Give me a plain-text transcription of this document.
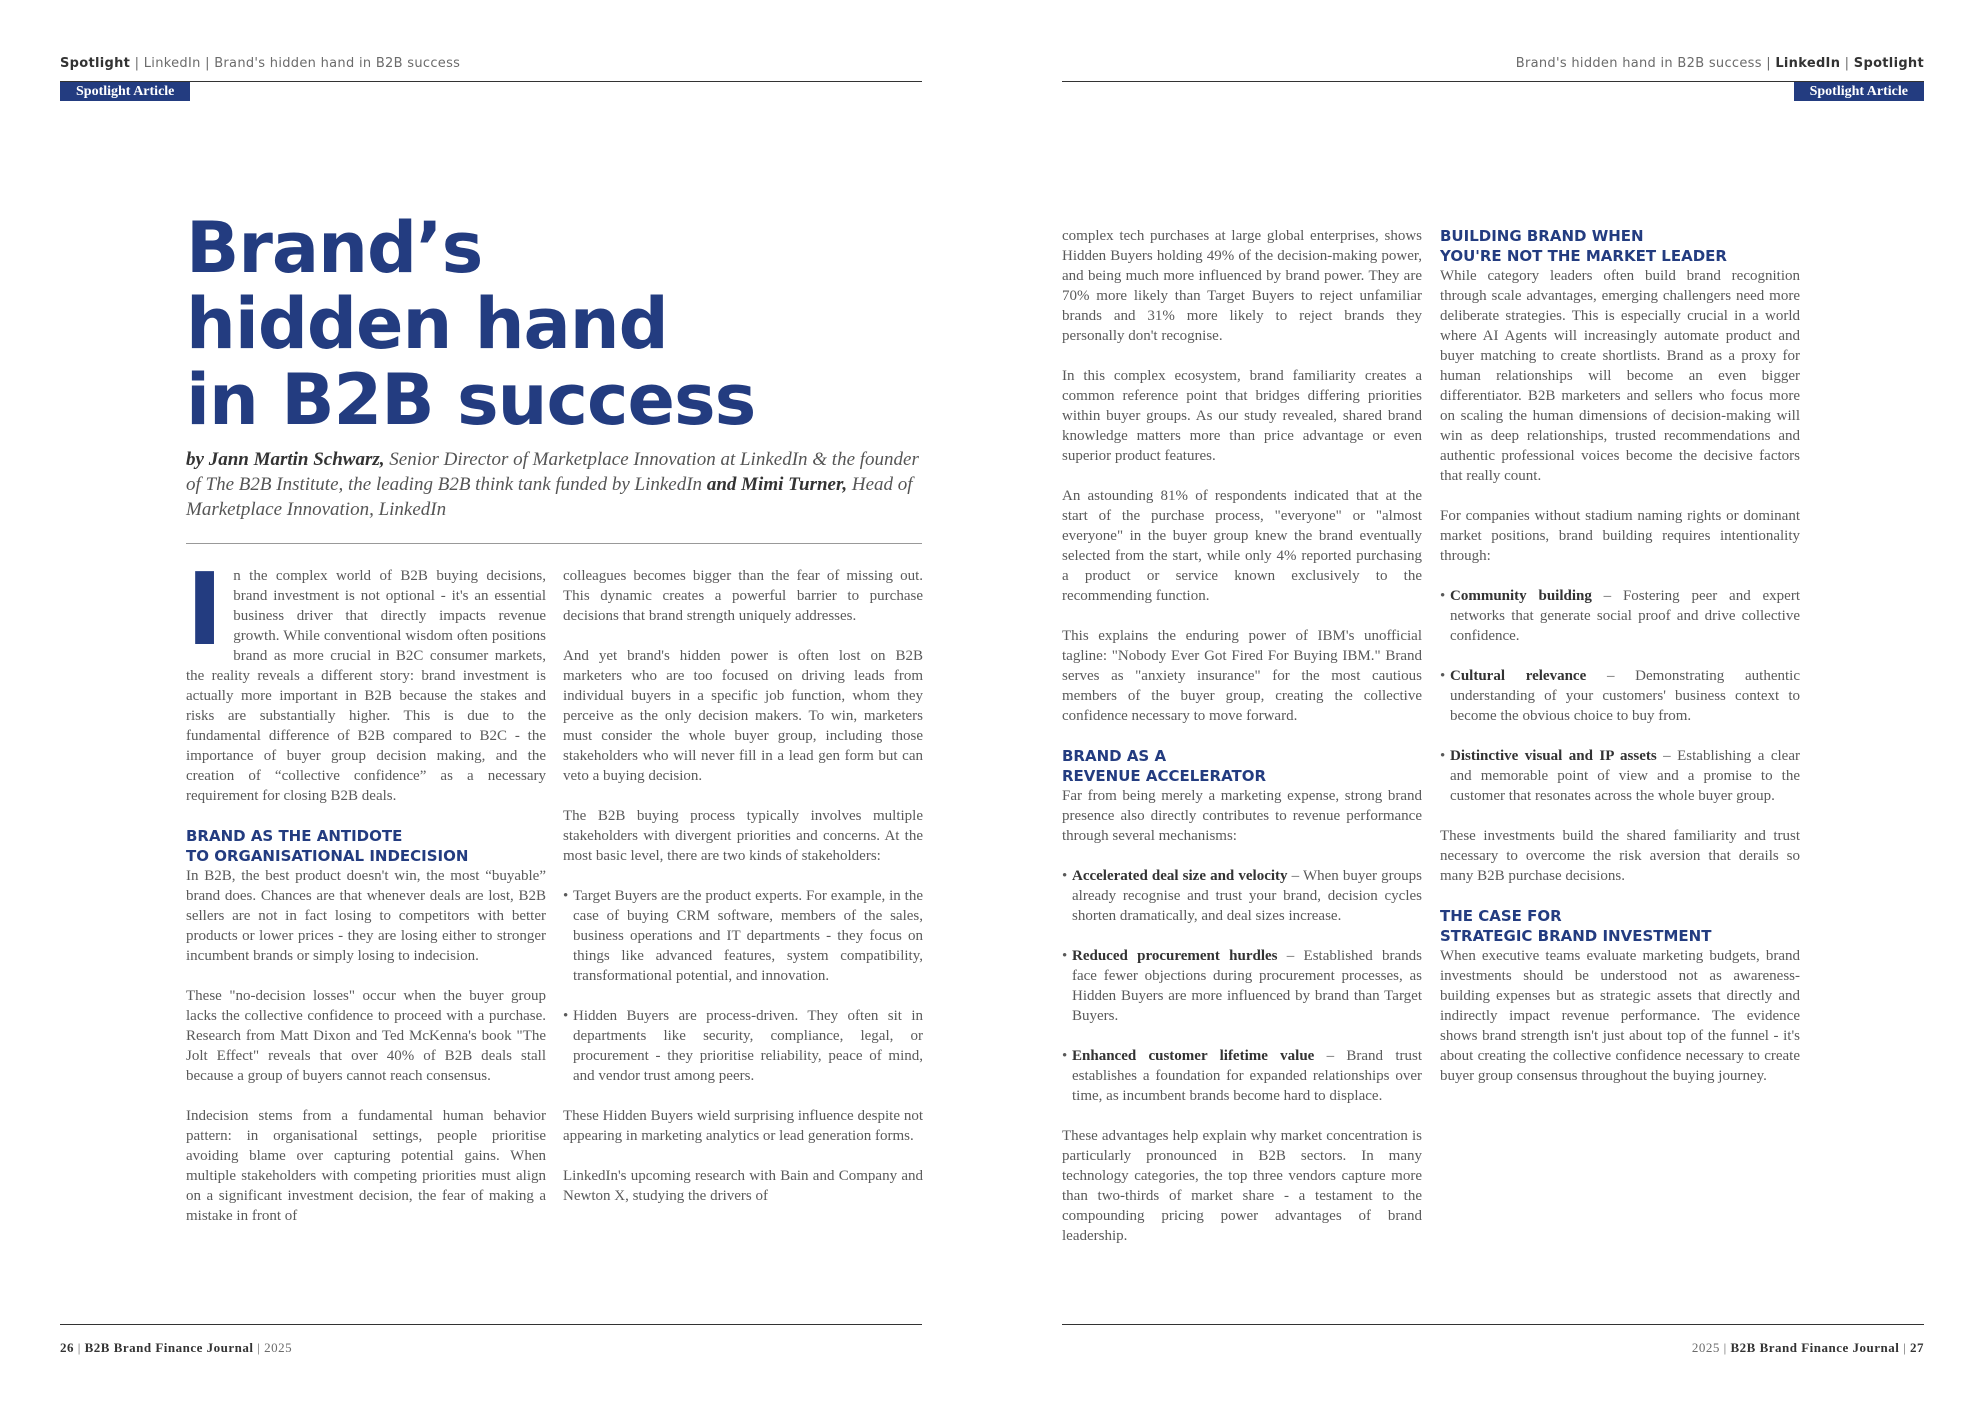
Spotlight | LinkedIn | Brand's hidden hand in B2B success
Spotlight Article
Brand's hidden hand in B2B success | LinkedIn | Spotlight
Spotlight Article
Brand’s
hidden hand
in B2B success
by Jann Martin Schwarz, Senior Director of Marketplace Innovation at LinkedIn & the founder of The B2B Institute, the leading B2B think tank funded by LinkedIn and Mimi Turner, Head of Marketplace Innovation, LinkedIn

In the complex world of B2B buying decisions, brand investment is not optional - it's an essential business driver that directly impacts revenue growth. While conventional wisdom often positions brand as more crucial in B2C consumer markets, the reality reveals a different story: brand investment is actually more important in B2B because the stakes and risks are substantially higher. This is due to the fundamental difference of B2B compared to B2C - the importance of buyer group decision making, and the creation of “collective confidence” as a necessary requirement for closing B2B deals.

BRAND AS THE ANTIDOTE
TO ORGANISATIONAL INDECISION

In B2B, the best product doesn't win, the most “buyable” brand does. Chances are that whenever deals are lost, B2B sellers are not in fact losing to competitors with better products or lower prices - they are losing either to stronger incumbent brands or simply losing to indecision.

These "no-decision losses" occur when the buyer group lacks the collective confidence to proceed with a purchase. Research from Matt Dixon and Ted McKenna's book "The Jolt Effect" reveals that over 40% of B2B deals stall because a group of buyers cannot reach consensus.

Indecision stems from a fundamental human behavior pattern: in organisational settings, people prioritise avoiding blame over capturing potential gains. When multiple stakeholders with competing priorities must align on a significant investment decision, the fear of making a mistake in front of

colleagues becomes bigger than the fear of missing out. This dynamic creates a powerful barrier to purchase decisions that brand strength uniquely addresses.

And yet brand's hidden power is often lost on B2B marketers who are too focused on driving leads from individual buyers in a specific job function, whom they perceive as the only decision makers. To win, marketers must consider the whole buyer group, including those stakeholders who will never fill in a lead gen form but can veto a buying decision.

The B2B buying process typically involves multiple stakeholders with divergent priorities and concerns. At the most basic level, there are two kinds of stakeholders:

• Target Buyers are the product experts. For example, in the case of buying CRM software, members of the sales, business operations and IT departments - they focus on things like advanced features, system compatibility, transformational potential, and innovation.
• Hidden Buyers are process-driven. They often sit in departments like security, compliance, legal, or procurement - they prioritise reliability, peace of mind, and vendor trust among peers.

These Hidden Buyers wield surprising influence despite not appearing in marketing analytics or lead generation forms.

LinkedIn's upcoming research with Bain and Company and Newton X, studying the drivers of

complex tech purchases at large global enterprises, shows Hidden Buyers holding 49% of the decision-making power, and being much more influenced by brand power. They are 70% more likely than Target Buyers to reject unfamiliar brands and 31% more likely to reject brands they personally don't recognise.

In this complex ecosystem, brand familiarity creates a common reference point that bridges differing priorities within buyer groups. As our study revealed, shared brand knowledge matters more than price advantage or even superior product features.

An astounding 81% of respondents indicated that at the start of the purchase process, "everyone" or "almost everyone" in the buyer group knew the brand eventually selected from the start, while only 4% reported purchasing a product or service known exclusively to the recommending function.

This explains the enduring power of IBM's unofficial tagline: "Nobody Ever Got Fired For Buying IBM." Brand serves as "anxiety insurance" for the most cautious members of the buyer group, creating the collective confidence necessary to move forward.

BRAND AS A
REVENUE ACCELERATOR

Far from being merely a marketing expense, strong brand presence also directly contributes to revenue performance through several mechanisms:

• Accelerated deal size and velocity – When buyer groups already recognise and trust your brand, decision cycles shorten dramatically, and deal sizes increase.
• Reduced procurement hurdles – Established brands face fewer objections during procurement processes, as Hidden Buyers are more influenced by brand than Target Buyers.
• Enhanced customer lifetime value – Brand trust establishes a foundation for expanded relationships over time, as incumbent brands become hard to displace.

These advantages help explain why market concentration is particularly pronounced in B2B sectors. In many technology categories, the top three vendors capture more than two-thirds of market share - a testament to the compounding pricing power advantages of brand leadership.

BUILDING BRAND WHEN
YOU'RE NOT THE MARKET LEADER

While category leaders often build brand recognition through scale advantages, emerging challengers need more deliberate strategies. This is especially crucial in a world where AI Agents will increasingly automate product and buyer matching to create shortlists. Brand as a proxy for human relationships will become an even bigger differentiator. B2B marketers and sellers who focus more on scaling the human dimensions of decision-making will win as deep relationships, trusted recommendations and authentic professional voices become the decisive factors that really count.

For companies without stadium naming rights or dominant market positions, brand building requires intentionality through:

• Community building – Fostering peer and expert networks that generate social proof and drive collective confidence.
• Cultural relevance – Demonstrating authentic understanding of your customers' business context to become the obvious choice to buy from.
• Distinctive visual and IP assets – Establishing a clear and memorable point of view and a promise to the customer that resonates across the whole buyer group.

These investments build the shared familiarity and trust necessary to overcome the risk aversion that derails so many B2B purchase decisions.

THE CASE FOR
STRATEGIC BRAND INVESTMENT

When executive teams evaluate marketing budgets, brand investments should be understood not as awareness-building expenses but as strategic assets that directly and indirectly impact revenue performance. The evidence shows brand strength isn't just about top of the funnel - it's about creating the collective confidence necessary to create buyer group consensus throughout the buying journey.

26 | B2B Brand Finance Journal | 2025	2025 | B2B Brand Finance Journal | 27
